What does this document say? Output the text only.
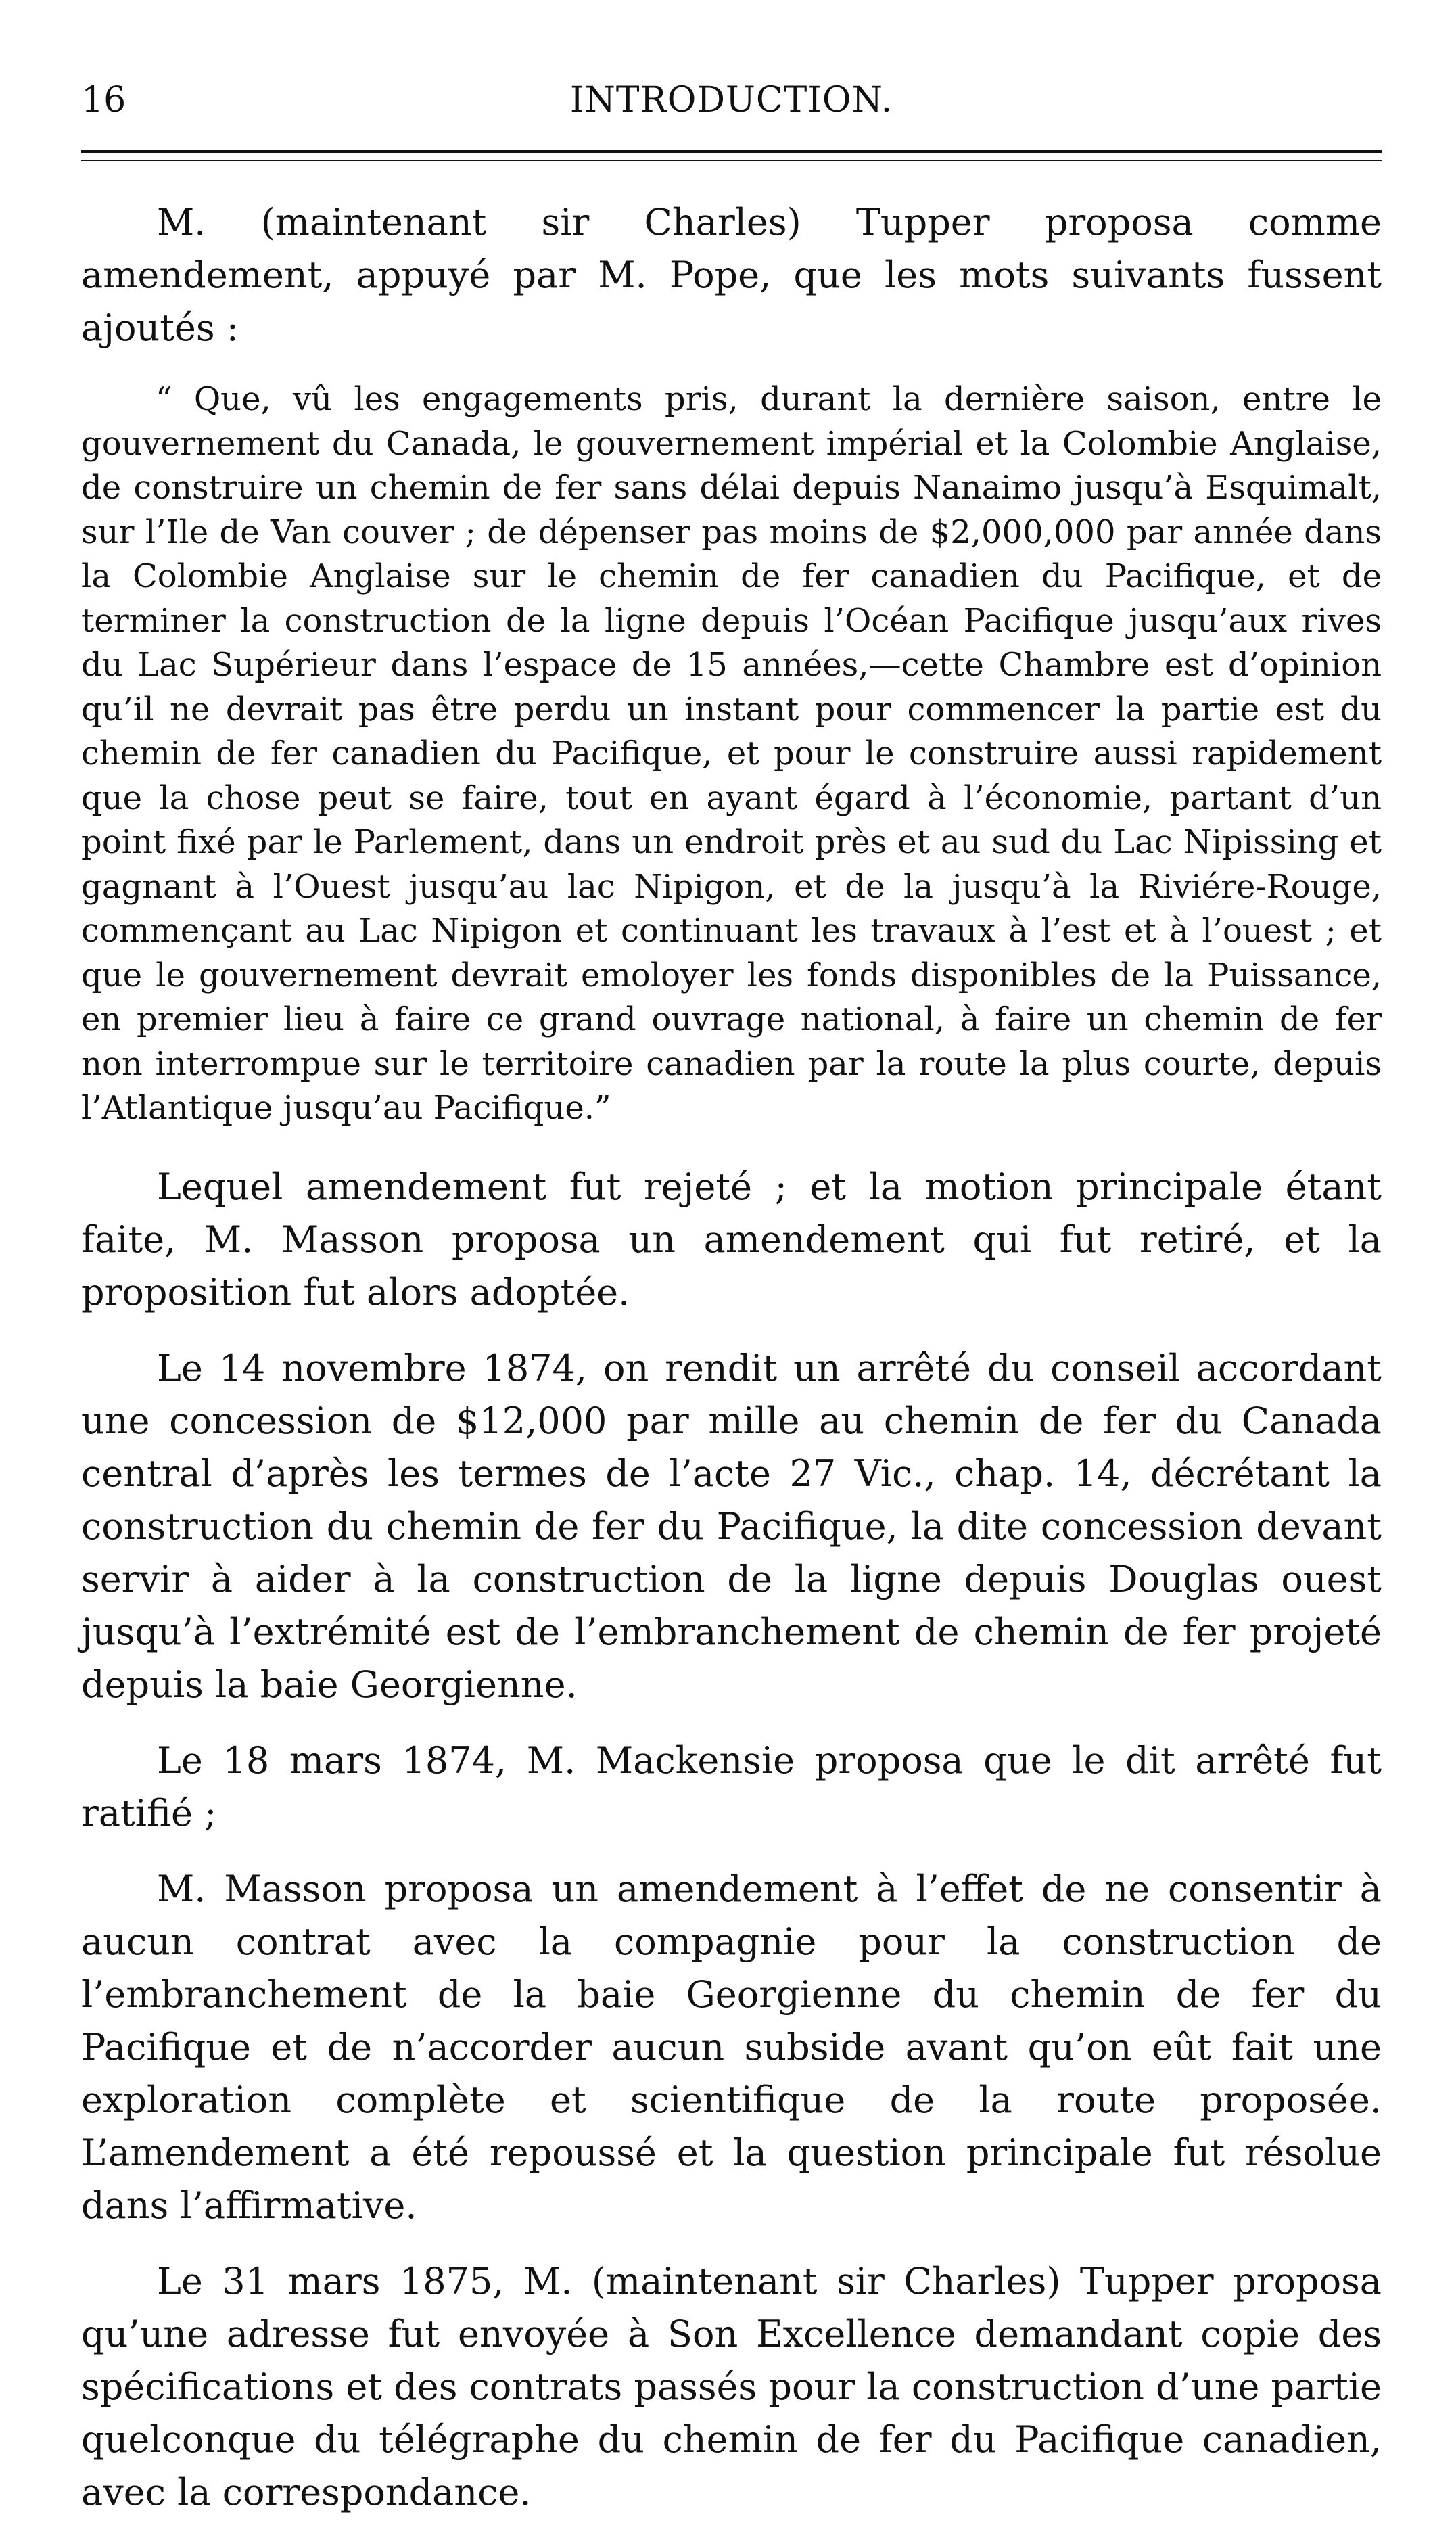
16	INTRODUCTION.

M. (maintenant sir Charles) Tupper proposa comme amendement, appuyé par M. Pope, que les mots suivants fussent ajoutés :

“ Que, vû les engagements pris, durant la dernière saison, entre le gouvernement du Canada, le gouvernement impérial et la Colombie Anglaise, de construire un chemin de fer sans délai depuis Nanaimo jusqu’à Esquimalt, sur l’Ile de Van couver ; de dépenser pas moins de $2,000,000 par année dans la Colombie Anglaise sur le chemin de fer canadien du Pacifique, et de terminer la construction de la ligne depuis l’Océan Pacifique jusqu’aux rives du Lac Supérieur dans l’espace de 15 années,—cette Chambre est d’opinion qu’il ne devrait pas être perdu un instant pour commencer la partie est du chemin de fer canadien du Pacifique, et pour le construire aussi rapidement que la chose peut se faire, tout en ayant égard à l’économie, partant d’un point fixé par le Parlement, dans un endroit près et au sud du Lac Nipissing et gagnant à l’Ouest jusqu’au lac Nipigon, et de la jusqu’à la Riviére-Rouge, commençant au Lac Nipigon et continuant les travaux à l’est et à l’ouest ; et que le gouvernement devrait emoloyer les fonds disponibles de la Puissance, en premier lieu à faire ce grand ouvrage national, à faire un chemin de fer non interrompue sur le territoire canadien par la route la plus courte, depuis l’Atlantique jusqu’au Pacifique.”

Lequel amendement fut rejeté ; et la motion principale étant faite, M. Masson proposa un amendement qui fut retiré, et la proposition fut alors adoptée.

Le 14 novembre 1874, on rendit un arrêté du conseil accordant une concession de $12,000 par mille au chemin de fer du Canada central d’après les termes de l’acte 27 Vic., chap. 14, décrétant la construction du chemin de fer du Pacifique, la dite concession devant servir à aider à la construction de la ligne depuis Douglas ouest jusqu’à l’extrémité est de l’embranchement de chemin de fer projeté depuis la baie Georgienne.

Le 18 mars 1874, M. Mackensie proposa que le dit arrêté fut ratifié ;

M. Masson proposa un amendement à l’effet de ne consentir à aucun contrat avec la compagnie pour la construction de l’embranchement de la baie Georgienne du chemin de fer du Pacifique et de n’accorder aucun subside avant qu’on eût fait une exploration complète et scientifique de la route proposée. L’amendement a été repoussé et la question principale fut résolue dans l’affirmative.

Le 31 mars 1875, M. (maintenant sir Charles) Tupper proposa qu’une adresse fut envoyée à Son Excellence demandant copie des spécifications et des contrats passés pour la construction d’une partie quelconque du télégraphe du chemin de fer du Pacifique canadien, avec la correspondance.
